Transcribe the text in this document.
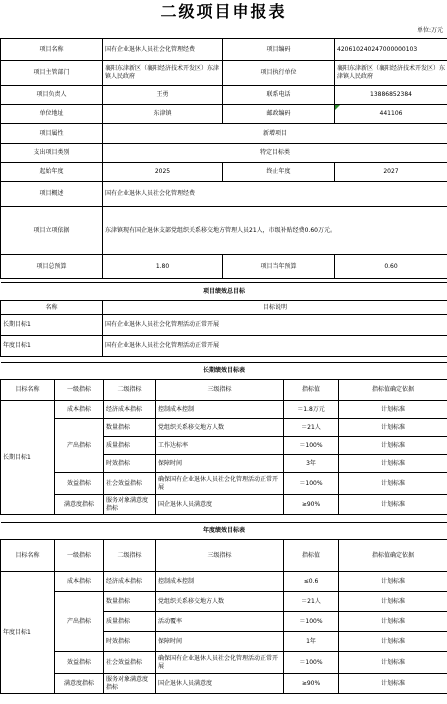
二级项目申报表
单位:万元
项目名称	国有企业退休人员社会化管理经费	项目编码	420610240247000000103
项目主管部门	襄阳东津新区（襄阳经济技术开发区）东津镇人民政府	项目执行单位	襄阳东津新区（襄阳经济技术开发区）东津镇人民政府
项目负责人	王勇	联系电话	13886852384
单位地址	东津镇	邮政编码	441106
项目属性	新增项目		
支出项目类别	特定目标类		
起始年度	2025	终止年度	2027
项目概述	国有企业退休人员社会化管理经费		
项目立项依据	东津镇现有国企退休支部党组织关系移交地方管理人员21人，市级补贴经费0.60万元。		
项目总预算	1.80	项目当年预算	0.60
项目绩效总目标	
名称	目标说明
长期目标1	国有企业退休人员社会化管理活动正常开展
年度目标1	国有企业退休人员社会化管理活动正常开展
长期绩效目标表					
目标名称	一级指标	二级指标	三级指标	指标值	指标值确定依据
长期目标1	成本指标	经济成本指标	控制成本控制	＝1.8万元	计划标准
	产出指标	数量指标	党组织关系移交地方人数	＝21人	计划标准
		质量指标	工作达标率	＝100%	计划标准
		时效指标	保障时间	3年	计划标准
	效益指标	社会效益指标	确保国有企业退休人员社会化管理活动正常开展	＝100%	计划标准
	满意度指标	服务对象满意度指标	国企退休人员满意度	≥90%	计划标准
年度绩效目标表					
目标名称	一级指标	二级指标	三级指标	指标值	指标值确定依据
年度目标1	成本指标	经济成本指标	控制成本控制	≤0.6	计划标准
	产出指标	数量指标	党组织关系移交地方人数	＝21人	计划标准
		质量指标	活动覆率	＝100%	计划标准
		时效指标	保障时间	1年	计划标准
	效益指标	社会效益指标	确保国有企业退休人员社会化管理活动正常开展	＝100%	计划标准
	满意度指标	服务对象满意度指标	国企退休人员满意度	≥90%	计划标准
